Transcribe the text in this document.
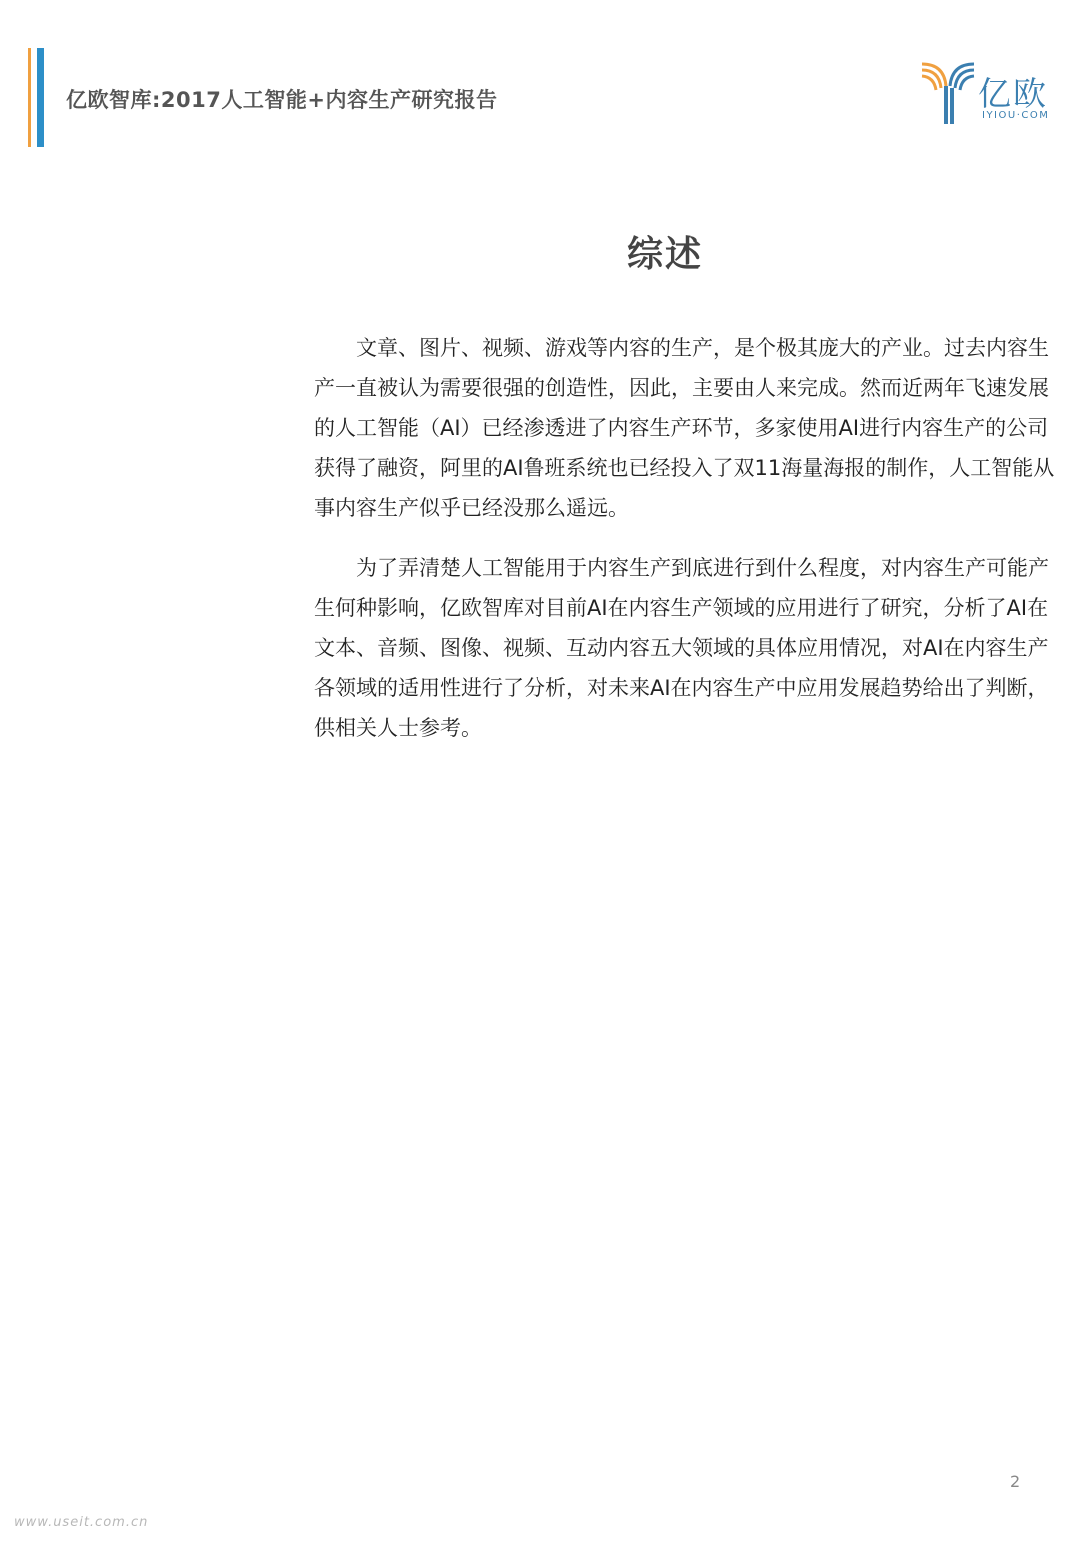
亿欧智库:2017人工智能+内容生产研究报告	亿欧
IYIOU·COM
综述

文章、图片、视频、游戏等内容的生产，是个极其庞大的产业。过去内容生产一直被认为需要很强的创造性，因此，主要由人来完成。然而近两年飞速发展的人工智能（AI）已经渗透进了内容生产环节，多家使用AI进行内容生产的公司获得了融资，阿里的AI鲁班系统也已经投入了双11海量海报的制作，人工智能从事内容生产似乎已经没那么遥远。

为了弄清楚人工智能用于内容生产到底进行到什么程度，对内容生产可能产生何种影响，亿欧智库对目前AI在内容生产领域的应用进行了研究，分析了AI在文本、音频、图像、视频、互动内容五大领域的具体应用情况，对AI在内容生产各领域的适用性进行了分析，对未来AI在内容生产中应用发展趋势给出了判断，供相关人士参考。

2
www.useit.com.cn
